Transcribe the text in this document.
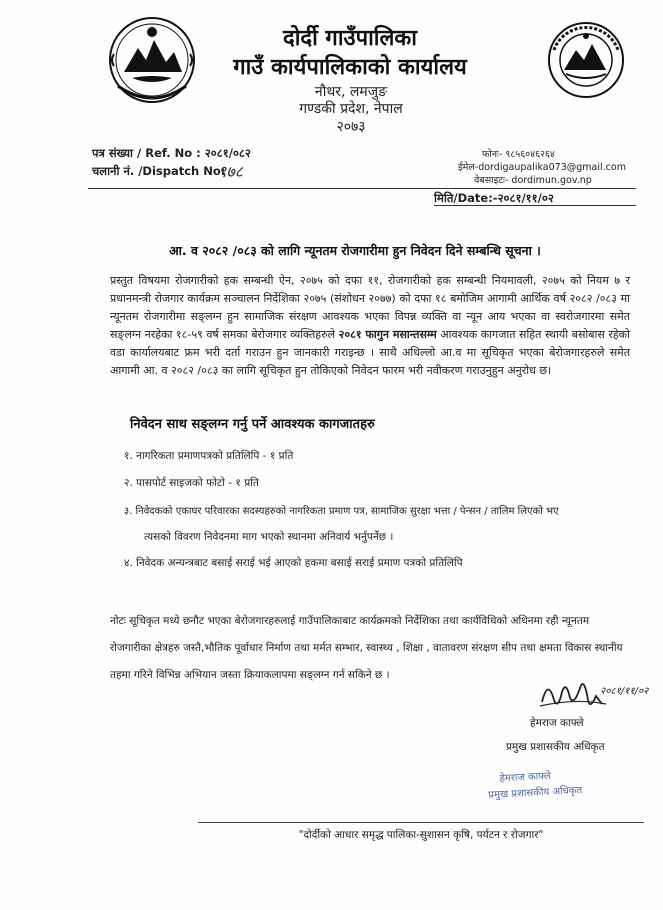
दोर्दी गाउँपालिका
गाउँ कार्यपालिकाको कार्यालय
नौथर, लमजुङ
गण्डकी प्रदेश, नेपाल
२०७३
पत्र संख्या / Ref. No : २०८१/०८२
चलानी नं. /Dispatch No:
९७८
फोनः- ९८५६०४६२६४
ईमेल-dordigaupalika073@gmail.com
वेबसाइटः- dordimun.gov.np
मिति/Date:-२०८१/११/०२
आ. व २०८२ /०८३ को लागि न्यूनतम रोजगारीमा हुन निवेदन दिने सम्बन्धि सूचना ।
प्रस्तुत विषयमा रोजगारीको हक सम्बन्धी ऐन, २०७५ को दफा ११, रोजगारीको हक सम्बन्धी नियमावली, २०७५ को नियम ७ र प्रधानमन्त्री रोजगार कार्यक्रम सञ्चालन निर्देशिका २०७५ (संशोधन २०७७) को दफा १८ बमोजिम आगामी आर्थिक वर्ष २०८२ /०८३ मा न्यूनतम रोजगारीमा सङ्लग्न हुन सामाजिक संरक्षण आवश्यक भएका विपन्न व्यक्ति वा न्यून आय भएका वा स्वरोजगारमा समेत सङ्लग्न नरहेका १८-५९ वर्ष समका बेरोजगार व्यक्तिहरुले २०८१ फागुन मसान्तसम्म आवश्यक कागजात सहित स्थायी बसोबास रहेको वडा कार्यालयबाट फ्रम भरी दर्ता गराउन हुन जानकारी गराइन्छ । साथै अधिल्लो आ.व मा सूचिकृत भएका बेरोजगारहरुले समेत आगामी आ. व २०८२ /०८३ का लागि सूचिकृत हुन तोकिएको निवेदन फारम भरी नवीकरण गराउनुहुन अनुरोध छ।
निवेदन साथ सङ्लग्न गर्नु पर्ने आवश्यक कागजातहरु
१. नागरिकता प्रमाणपत्रको प्रतिलिपि - १ प्रति
२. पासपोर्ट साइजको फोटो - १ प्रति
३. निवेदकको एकाघर परिवारका सदस्यहरुको नागरिकता प्रमाण पत्र, सामाजिक सुरक्षा भत्ता / पेन्सन / तालिम लिएको भए
त्यसको विवरण निवेदनमा माग भएको स्थानमा अनिवार्य भर्नुपर्नेछ ।
४. निवेदक अन्यन्त्रबाट बसाई सराई भई आएको हकमा बसाई सराई प्रमाण पत्रको प्रतिलिपि
नोटः सूचिकृत मध्ये छनौट भएका बेरोजगारहरुलाई गाउँपालिकाबाट कार्यक्रमको निर्देशिका तथा कार्यविधिको अधिनमा रही न्यूनतम रोजगारीका क्षेत्रहरु जस्तै,भौतिक पूर्वाधार निर्माण तथा मर्मत सम्भार, स्वास्थ्य , शिक्षा , वातावरण संरक्षण सीप तथा क्षमता विकास स्थानीय तहमा गरिने विभिन्न अभियान जस्ता क्रियाकलापमा सङ्लग्न गर्न सकिने छ ।
२०८१/११/०२
हेमराज काफ्ले
प्रमुख प्रशासकीय अधिकृत
हेमराज काफ्ले
प्रमुख प्रशासकीय अधिकृत
"दोर्दीको आधार समृद्ध पालिका-सुशासन कृषि, पर्यटन र रोजगार"
